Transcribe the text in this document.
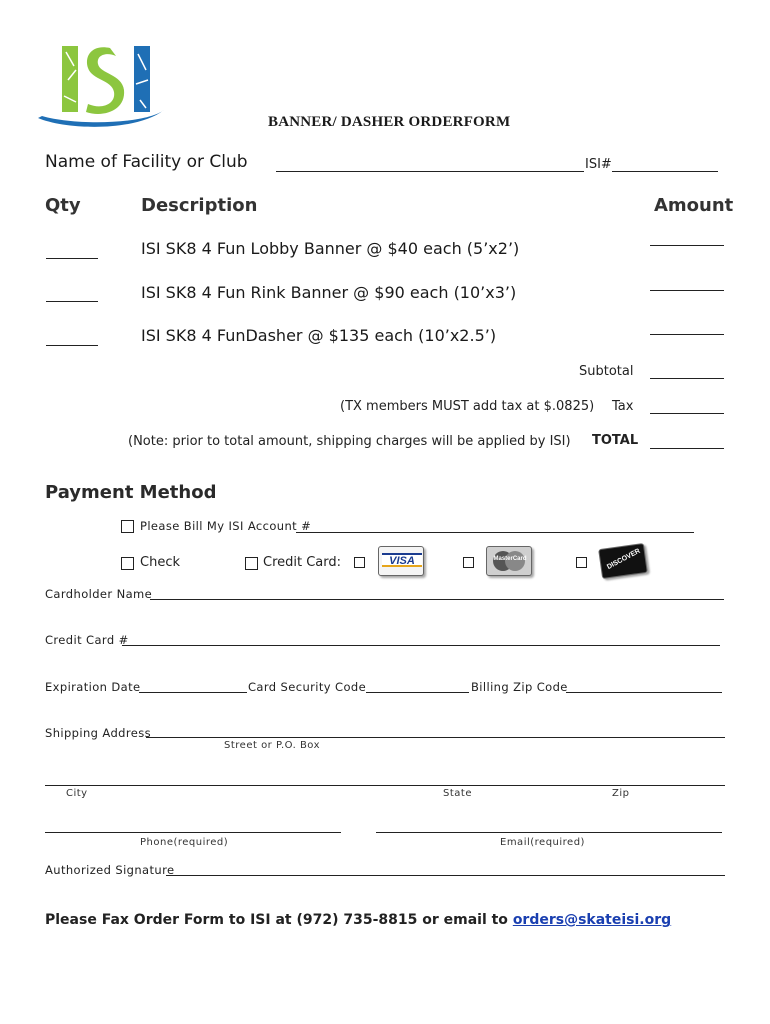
BANNER/ DASHER ORDERFORM
Name of Facility or Club	ISI#
Qty	Description	Amount
ISI SK8 4 Fun Lobby Banner @ $40 each (5’x2’)
ISI SK8 4 Fun Rink Banner @ $90 each (10’x3’)
ISI SK8 4 FunDasher @ $135 each (10’x2.5’)
Subtotal
(TX members MUST add tax at $.0825) Tax
(Note: prior to total amount, shipping charges will be applied by ISI) TOTAL
Payment Method
Please Bill My ISI Account #
Check	Credit Card:	VISA	MasterCard	DISCOVER
Cardholder Name
Credit Card #
Expiration Date	Card Security Code	Billing Zip Code
Shipping Address
Street or P.O. Box
City	State	Zip
Phone(required)	Email(required)
Authorized Signature
Please Fax Order Form to ISI at (972) 735-8815 or email to orders@skateisi.org
